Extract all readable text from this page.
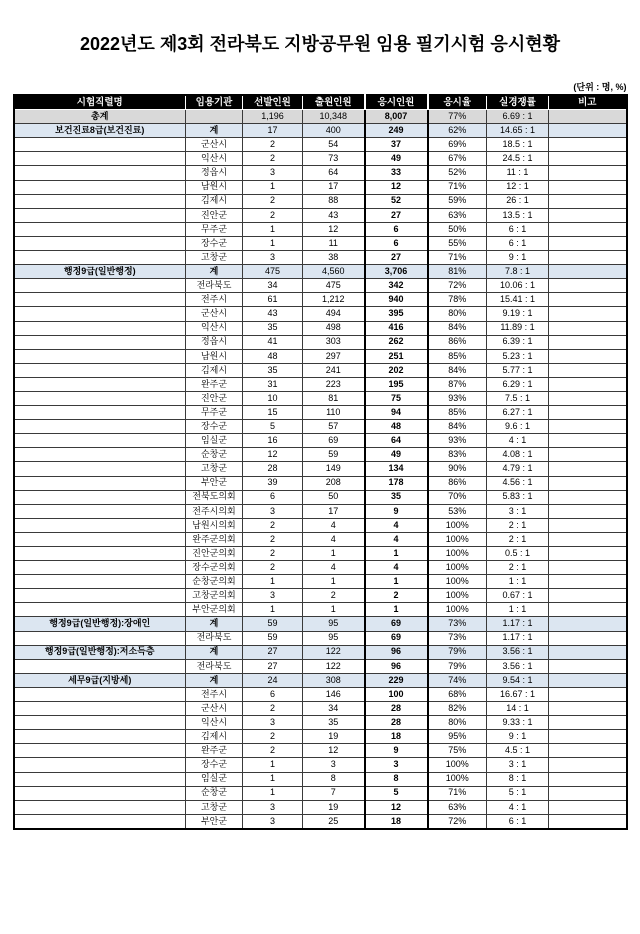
2022년도 제3회 전라북도 지방공무원 임용 필기시험 응시현황
(단위 : 명, %)
시험직렬명	임용기관	선발인원	출원인원	응시인원	응시율	실경쟁률	비고
총계		1,196	10,348	8,007	77%	6.69 : 1	
보건진료8급(보건진료)	계	17	400	249	62%	14.65 : 1	
	군산시	2	54	37	69%	18.5 : 1	
	익산시	2	73	49	67%	24.5 : 1	
	정읍시	3	64	33	52%	11 : 1	
	남원시	1	17	12	71%	12 : 1	
	김제시	2	88	52	59%	26 : 1	
	진안군	2	43	27	63%	13.5 : 1	
	무주군	1	12	6	50%	6 : 1	
	장수군	1	11	6	55%	6 : 1	
	고창군	3	38	27	71%	9 : 1	
행정9급(일반행정)	계	475	4,560	3,706	81%	7.8 : 1	
	전라북도	34	475	342	72%	10.06 : 1	
	전주시	61	1,212	940	78%	15.41 : 1	
	군산시	43	494	395	80%	9.19 : 1	
	익산시	35	498	416	84%	11.89 : 1	
	정읍시	41	303	262	86%	6.39 : 1	
	남원시	48	297	251	85%	5.23 : 1	
	김제시	35	241	202	84%	5.77 : 1	
	완주군	31	223	195	87%	6.29 : 1	
	진안군	10	81	75	93%	7.5 : 1	
	무주군	15	110	94	85%	6.27 : 1	
	장수군	5	57	48	84%	9.6 : 1	
	임실군	16	69	64	93%	4 : 1	
	순창군	12	59	49	83%	4.08 : 1	
	고창군	28	149	134	90%	4.79 : 1	
	부안군	39	208	178	86%	4.56 : 1	
	전북도의회	6	50	35	70%	5.83 : 1	
	전주시의회	3	17	9	53%	3 : 1	
	남원시의회	2	4	4	100%	2 : 1	
	완주군의회	2	4	4	100%	2 : 1	
	진안군의회	2	1	1	100%	0.5 : 1	
	장수군의회	2	4	4	100%	2 : 1	
	순창군의회	1	1	1	100%	1 : 1	
	고창군의회	3	2	2	100%	0.67 : 1	
	부안군의회	1	1	1	100%	1 : 1	
행정9급(일반행정):장애인	계	59	95	69	73%	1.17 : 1	
	전라북도	59	95	69	73%	1.17 : 1	
행정9급(일반행정):저소득층	계	27	122	96	79%	3.56 : 1	
	전라북도	27	122	96	79%	3.56 : 1	
세무9급(지방세)	계	24	308	229	74%	9.54 : 1	
	전주시	6	146	100	68%	16.67 : 1	
	군산시	2	34	28	82%	14 : 1	
	익산시	3	35	28	80%	9.33 : 1	
	김제시	2	19	18	95%	9 : 1	
	완주군	2	12	9	75%	4.5 : 1	
	장수군	1	3	3	100%	3 : 1	
	임실군	1	8	8	100%	8 : 1	
	순창군	1	7	5	71%	5 : 1	
	고창군	3	19	12	63%	4 : 1	
	부안군	3	25	18	72%	6 : 1	
